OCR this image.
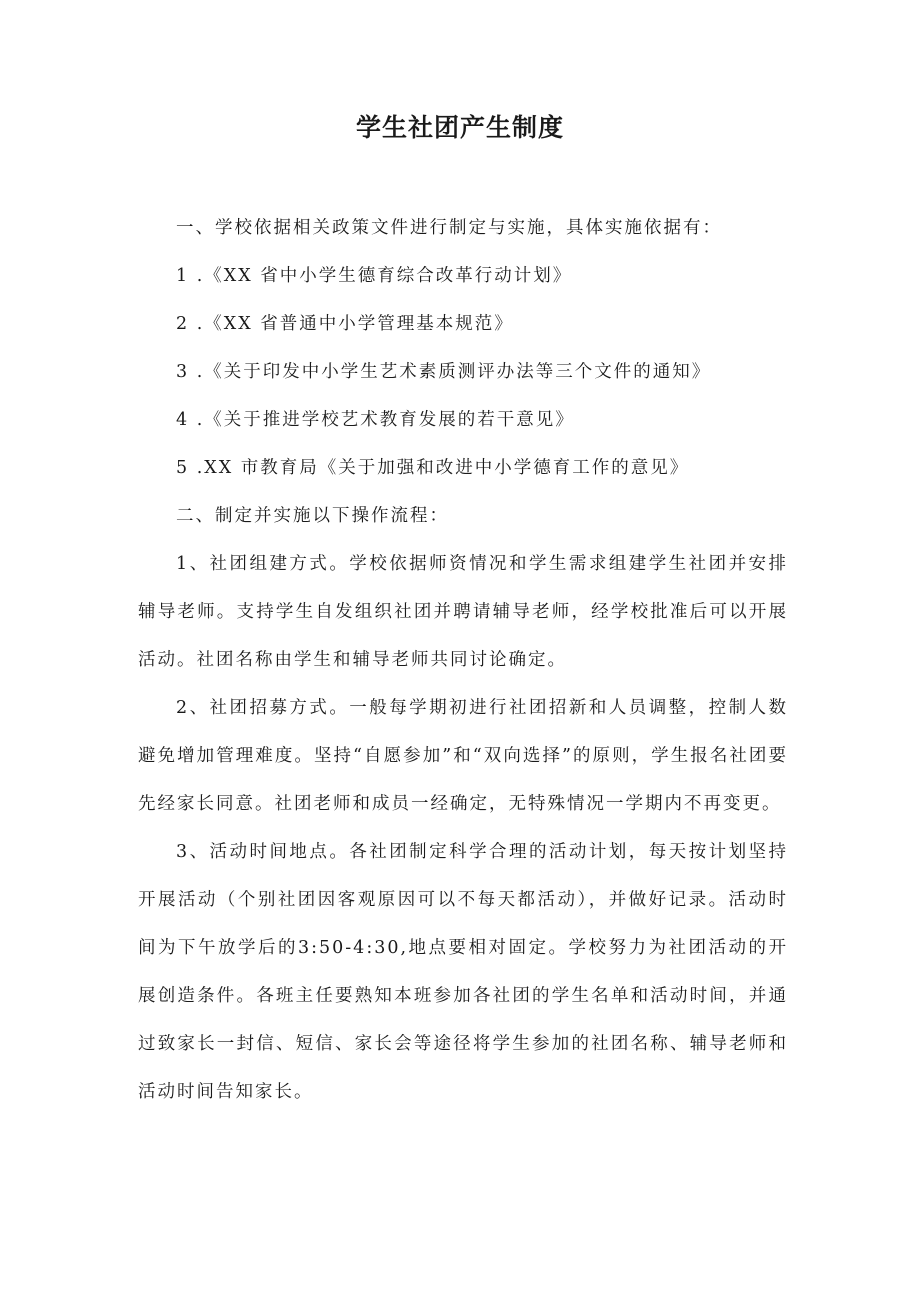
学生社团产生制度

一、学校依据相关政策文件进行制定与实施，具体实施依据有：

1 .《XX 省中小学生德育综合改革行动计划》

2 .《XX 省普通中小学管理基本规范》

3 .《关于印发中小学生艺术素质测评办法等三个文件的通知》

4 .《关于推进学校艺术教育发展的若干意见》

5 .XX 市教育局《关于加强和改进中小学德育工作的意见》

二、制定并实施以下操作流程：

1、社团组建方式。学校依据师资情况和学生需求组建学生社团并安排辅导老师。支持学生自发组织社团并聘请辅导老师，经学校批准后可以开展活动。社团名称由学生和辅导老师共同讨论确定。

2、社团招募方式。一般每学期初进行社团招新和人员调整，控制人数避免增加管理难度。坚持“自愿参加”和“双向选择”的原则，学生报名社团要先经家长同意。社团老师和成员一经确定，无特殊情况一学期内不再变更。

3、活动时间地点。各社团制定科学合理的活动计划，每天按计划坚持开展活动（个别社团因客观原因可以不每天都活动），并做好记录。活动时间为下午放学后的3:50-4:30,地点要相对固定。学校努力为社团活动的开展创造条件。各班主任要熟知本班参加各社团的学生名单和活动时间，并通过致家长一封信、短信、家长会等途径将学生参加的社团名称、辅导老师和活动时间告知家长。
